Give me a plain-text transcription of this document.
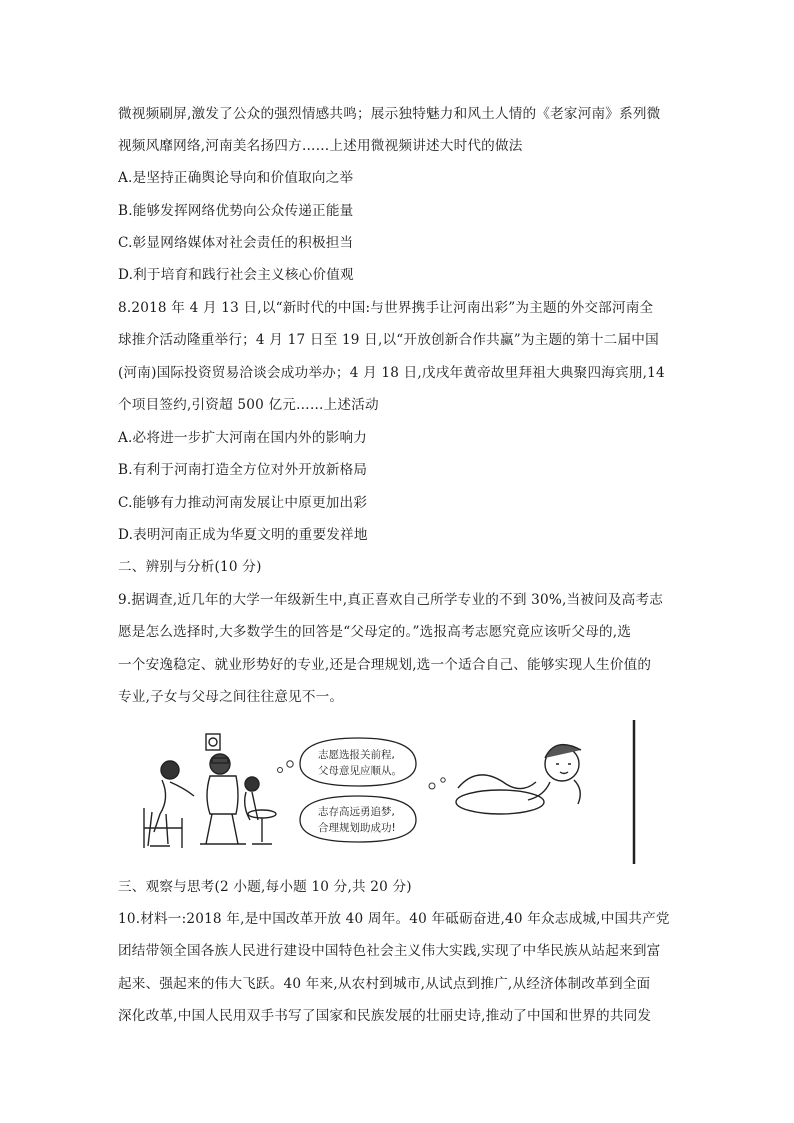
微视频刷屏,激发了公众的强烈情感共鸣；展示独特魅力和风土人情的《老家河南》系列微
视频风靡网络,河南美名扬四方……上述用微视频讲述大时代的做法
A.是坚持正确舆论导向和价值取向之举
B.能够发挥网络优势向公众传递正能量
C.彰显网络媒体对社会责任的积极担当
D.利于培育和践行社会主义核心价值观
8.2018 年 4 月 13 日,以“新时代的中国:与世界携手让河南出彩”为主题的外交部河南全
球推介活动隆重举行；4 月 17 日至 19 日,以“开放创新合作共赢”为主题的第十二届中国
(河南)国际投资贸易洽谈会成功举办；4 月 18 日,戊戌年黄帝故里拜祖大典聚四海宾朋,14
个项目签约,引资超 500 亿元……上述活动
A.必将进一步扩大河南在国内外的影响力
B.有利于河南打造全方位对外开放新格局
C.能够有力推动河南发展让中原更加出彩
D.表明河南正成为华夏文明的重要发祥地
二、辨别与分析(10 分)
9.据调查,近几年的大学一年级新生中,真正喜欢自己所学专业的不到 30%,当被问及高考志
愿是怎么选择时,大多数学生的回答是“父母定的。”选报高考志愿究竟应该听父母的,选
一个安逸稳定、就业形势好的专业,还是合理规划,选一个适合自己、能够实现人生价值的
专业,子女与父母之间往往意见不一。
志愿选报关前程,
父母意见应顺从。
志存高远勇追梦,
合理规划助成功!
三、观察与思考(2 小题,每小题 10 分,共 20 分)
10.材料一:2018 年,是中国改革开放 40 周年。40 年砥砺奋进,40 年众志成城,中国共产党
团结带领全国各族人民进行建设中国特色社会主义伟大实践,实现了中华民族从站起来到富
起来、强起来的伟大飞跃。40 年来,从农村到城市,从试点到推广,从经济体制改革到全面
深化改革,中国人民用双手书写了国家和民族发展的壮丽史诗,推动了中国和世界的共同发
